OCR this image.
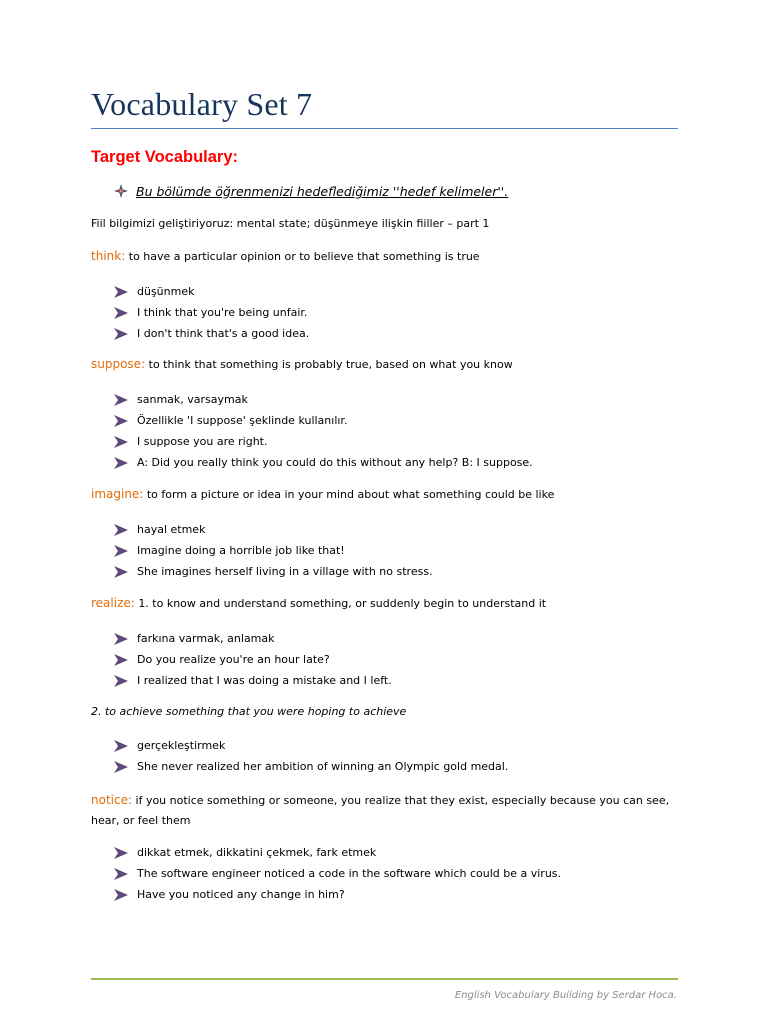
Vocabulary Set 7
Target Vocabulary:
Bu bölümde öğrenmenizi hedeflediğimiz ''hedef kelimeler''.
Fiil bilgimizi geliştiriyoruz: mental state; düşünmeye ilişkin fiiller – part 1
think: to have a particular opinion or to believe that something is true
düşünmek
I think that you're being unfair.
I don't think that's a good idea.
suppose: to think that something is probably true, based on what you know
sanmak, varsaymak
Özellikle 'I suppose' şeklinde kullanılır.
I suppose you are right.
A: Did you really think you could do this without any help? B: I suppose.
imagine: to form a picture or idea in your mind about what something could be like
hayal etmek
Imagine doing a horrible job like that!
She imagines herself living in a village with no stress.
realize: 1. to know and understand something, or suddenly begin to understand it
farkına varmak, anlamak
Do you realize you're an hour late?
I realized that I was doing a mistake and I left.
2. to achieve something that you were hoping to achieve
gerçekleştirmek
She never realized her ambition of winning an Olympic gold medal.
notice: if you notice something or someone, you realize that they exist, especially because you can see, hear, or feel them
dikkat etmek, dikkatini çekmek, fark etmek
The software engineer noticed a code in the software which could be a virus.
Have you noticed any change in him?
English Vocabulary Building by Serdar Hoca.
